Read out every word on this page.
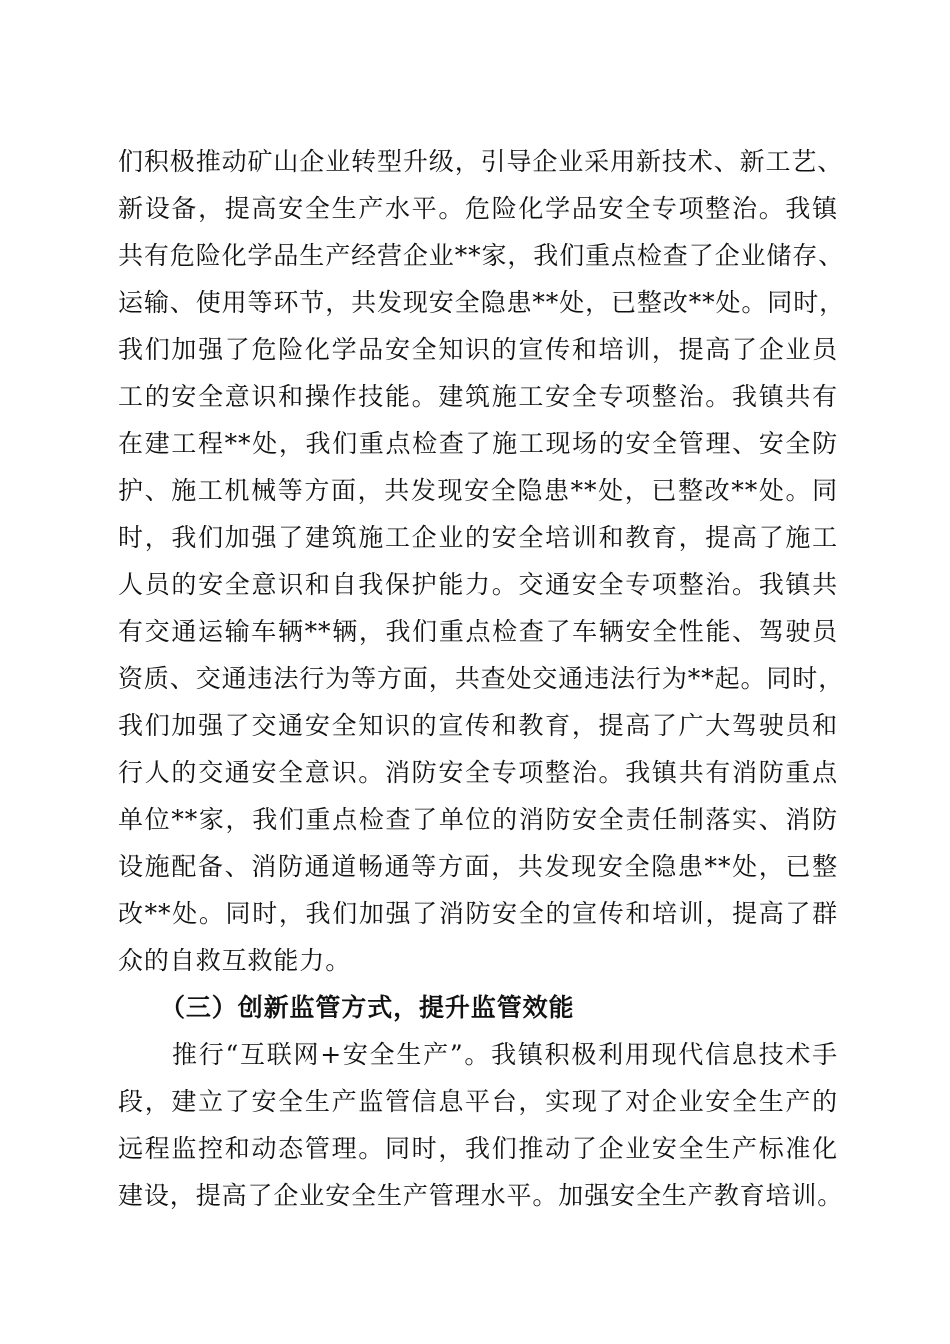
们积极推动矿山企业转型升级，引导企业采用新技术、新工艺、
新设备，提高安全生产水平。危险化学品安全专项整治。我镇
共有危险化学品生产经营企业**家，我们重点检查了企业储存、
运输、使用等环节，共发现安全隐患**处，已整改**处。同时，
我们加强了危险化学品安全知识的宣传和培训，提高了企业员
工的安全意识和操作技能。建筑施工安全专项整治。我镇共有
在建工程**处，我们重点检查了施工现场的安全管理、安全防
护、施工机械等方面，共发现安全隐患**处，已整改**处。同
时，我们加强了建筑施工企业的安全培训和教育，提高了施工
人员的安全意识和自我保护能力。交通安全专项整治。我镇共
有交通运输车辆**辆，我们重点检查了车辆安全性能、驾驶员
资质、交通违法行为等方面，共查处交通违法行为**起。同时，
我们加强了交通安全知识的宣传和教育，提高了广大驾驶员和
行人的交通安全意识。消防安全专项整治。我镇共有消防重点
单位**家，我们重点检查了单位的消防安全责任制落实、消防
设施配备、消防通道畅通等方面，共发现安全隐患**处，已整
改**处。同时，我们加强了消防安全的宣传和培训，提高了群
众的自救互救能力。
（三）创新监管方式，提升监管效能
推行“互联网+安全生产”。我镇积极利用现代信息技术手
段，建立了安全生产监管信息平台，实现了对企业安全生产的
远程监控和动态管理。同时，我们推动了企业安全生产标准化
建设，提高了企业安全生产管理水平。加强安全生产教育培训。
